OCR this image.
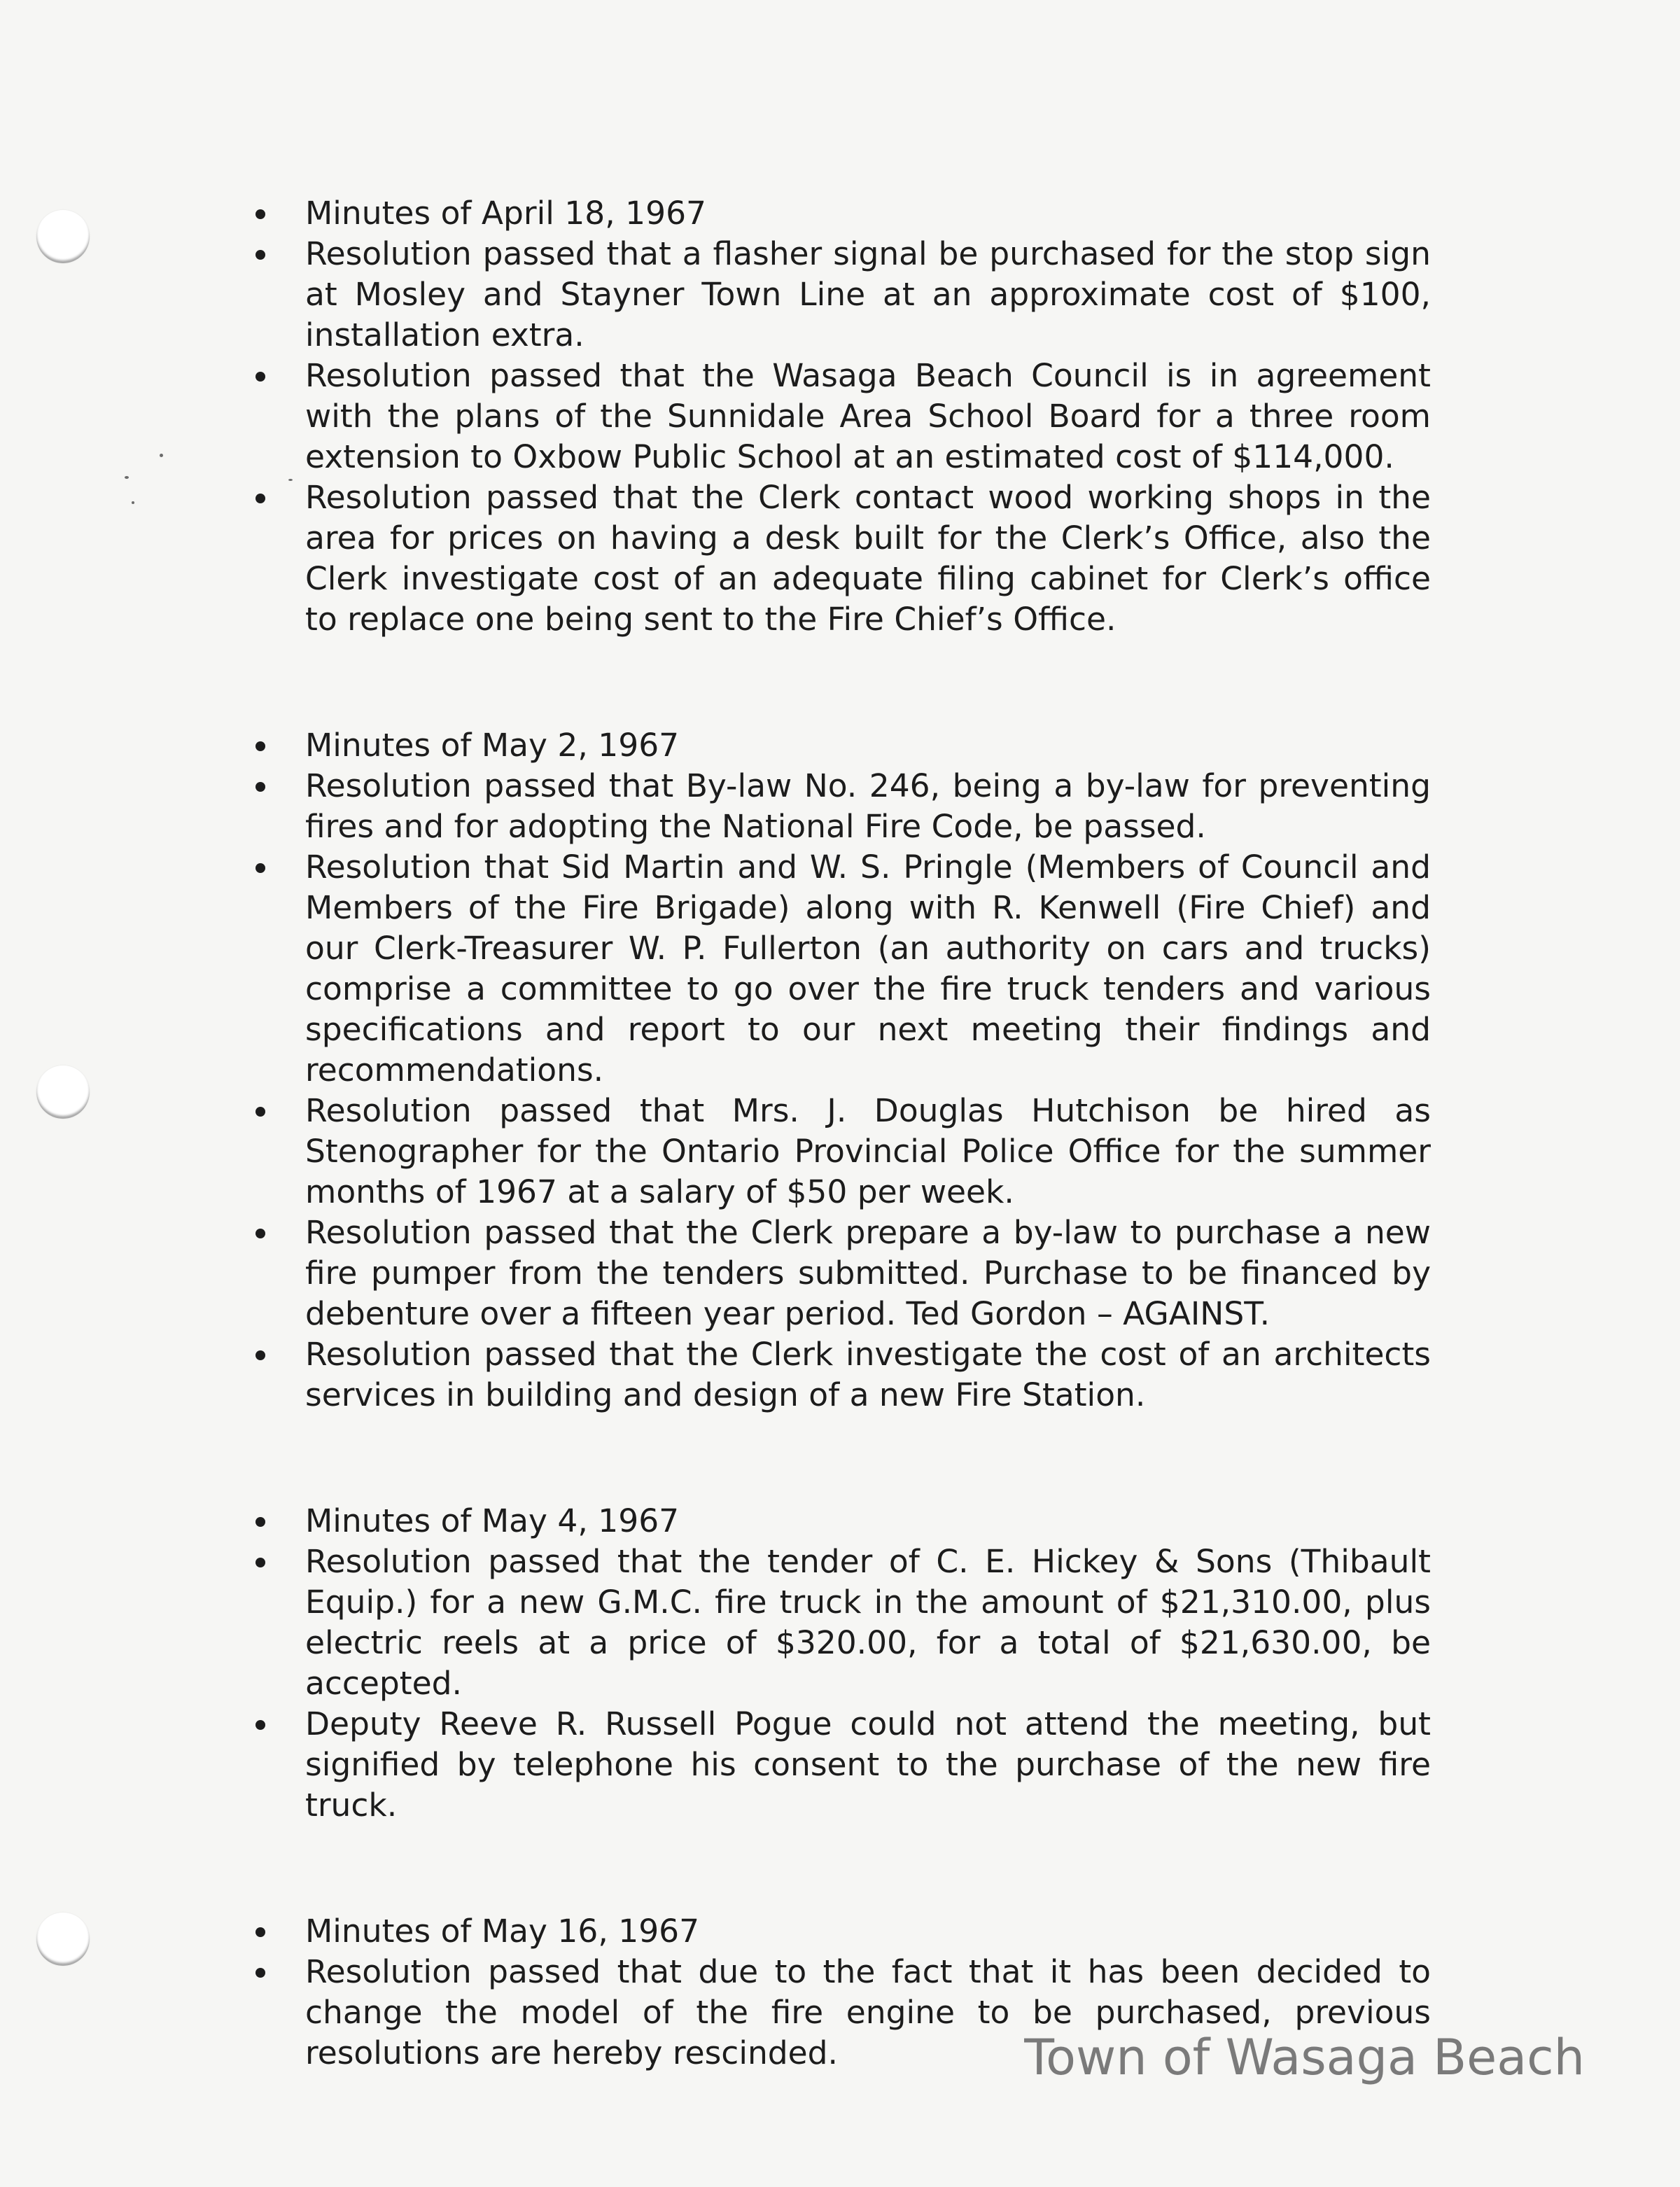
Minutes of April 18, 1967
Resolution passed that a flasher signal be purchased for the stop sign at Mosley and Stayner Town Line at an approximate cost of $100, installation extra.
Resolution passed that the Wasaga Beach Council is in agreement with the plans of the Sunnidale Area School Board for a three room extension to Oxbow Public School at an estimated cost of $114,000.
Resolution passed that the Clerk contact wood working shops in the area for prices on having a desk built for the Clerk’s Office, also the Clerk investigate cost of an adequate filing cabinet for Clerk’s office to replace one being sent to the Fire Chief’s Office.
Minutes of May 2, 1967
Resolution passed that By-law No. 246, being a by-law for preventing fires and for adopting the National Fire Code, be passed.
Resolution that Sid Martin and W. S. Pringle (Members of Council and Members of the Fire Brigade) along with R. Kenwell (Fire Chief) and our Clerk-Treasurer W. P. Fullerton (an authority on cars and trucks) comprise a committee to go over the fire truck tenders and various specifications and report to our next meeting their findings and recommendations.
Resolution passed that Mrs. J. Douglas Hutchison be hired as Stenographer for the Ontario Provincial Police Office for the summer months of 1967 at a salary of $50 per week.
Resolution passed that the Clerk prepare a by-law to purchase a new fire pumper from the tenders submitted. Purchase to be financed by debenture over a fifteen year period. Ted Gordon – AGAINST.
Resolution passed that the Clerk investigate the cost of an architects services in building and design of a new Fire Station.
Minutes of May 4, 1967
Resolution passed that the tender of C. E. Hickey & Sons (Thibault Equip.) for a new G.M.C. fire truck in the amount of $21,310.00, plus electric reels at a price of $320.00, for a total of $21,630.00, be accepted.
Deputy Reeve R. Russell Pogue could not attend the meeting, but signified by telephone his consent to the purchase of the new fire truck.
Minutes of May 16, 1967
Resolution passed that due to the fact that it has been decided to change the model of the fire engine to be purchased, previous resolutions are hereby rescinded.	Town of Wasaga Beach
